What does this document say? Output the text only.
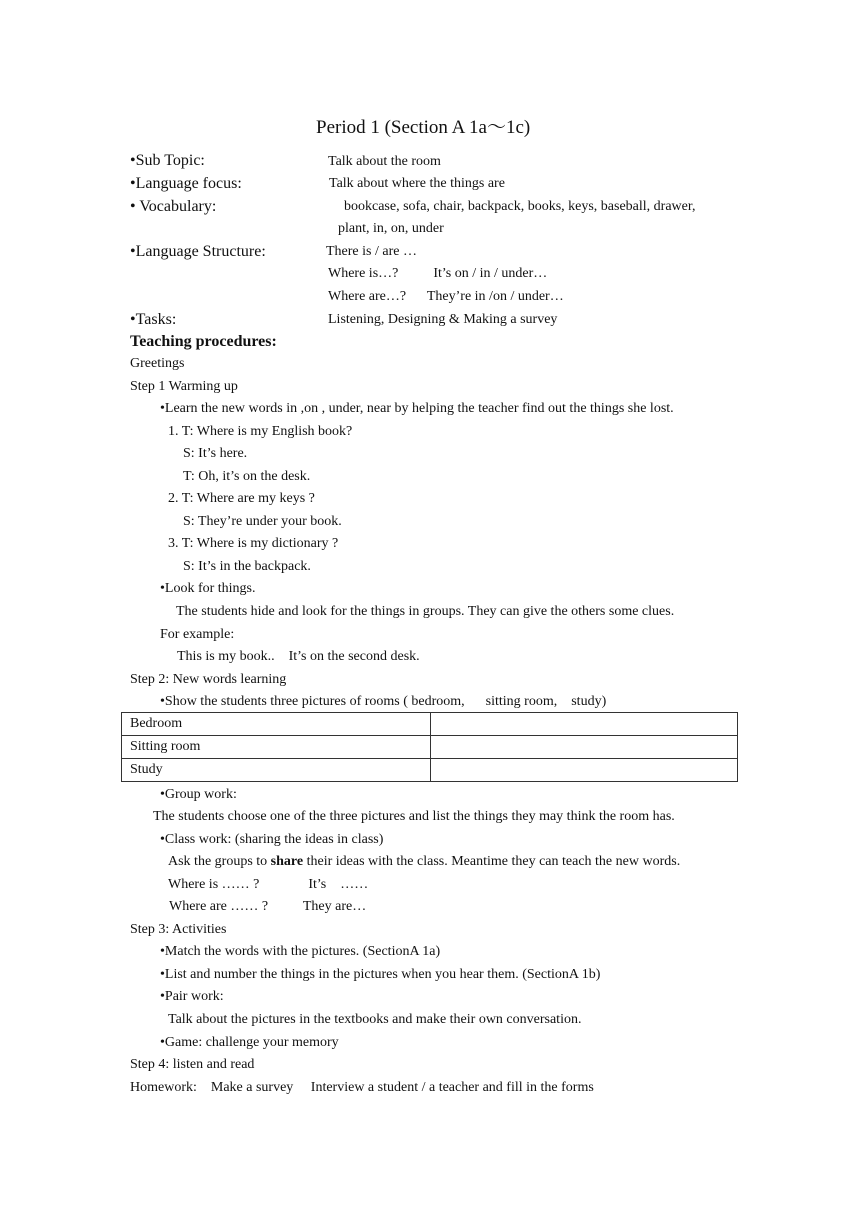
Period 1 (Section A 1a～1c)
•Sub Topic:	Talk about the room
•Language focus:	Talk about where the things are
• Vocabulary:	bookcase, sofa, chair, backpack, books, keys, baseball, drawer,
plant, in, on, under
•Language Structure:	There is / are …
Where is…?          It’s on / in / under…
Where are…?      They’re in /on / under…
•Tasks:	Listening, Designing & Making a survey
Teaching procedures:
Greetings
Step 1 Warming up
•Learn the new words in ,on , under, near by helping the teacher find out the things she lost.
1. T: Where is my English book?
S: It’s here.
T: Oh, it’s on the desk.
2. T: Where are my keys ?
S: They’re under your book.
3. T: Where is my dictionary ?
S: It’s in the backpack.
•Look for things.
The students hide and look for the things in groups. They can give the others some clues.
For example:
This is my book..    It’s on the second desk.
Step 2: New words learning
•Show the students three pictures of rooms ( bedroom,      sitting room,    study)
Bedroom	
Sitting room	
Study	
•Group work:
The students choose one of the three pictures and list the things they may think the room has.
•Class work: (sharing the ideas in class)
Ask the groups to share their ideas with the class. Meantime they can teach the new words.
Where is …… ?              It’s    ……
Where are …… ?          They are…
Step 3: Activities
•Match the words with the pictures. (SectionA 1a)
•List and number the things in the pictures when you hear them. (SectionA 1b)
•Pair work:
Talk about the pictures in the textbooks and make their own conversation.
•Game: challenge your memory
Step 4: listen and read
Homework:    Make a survey     Interview a student / a teacher and fill in the forms
